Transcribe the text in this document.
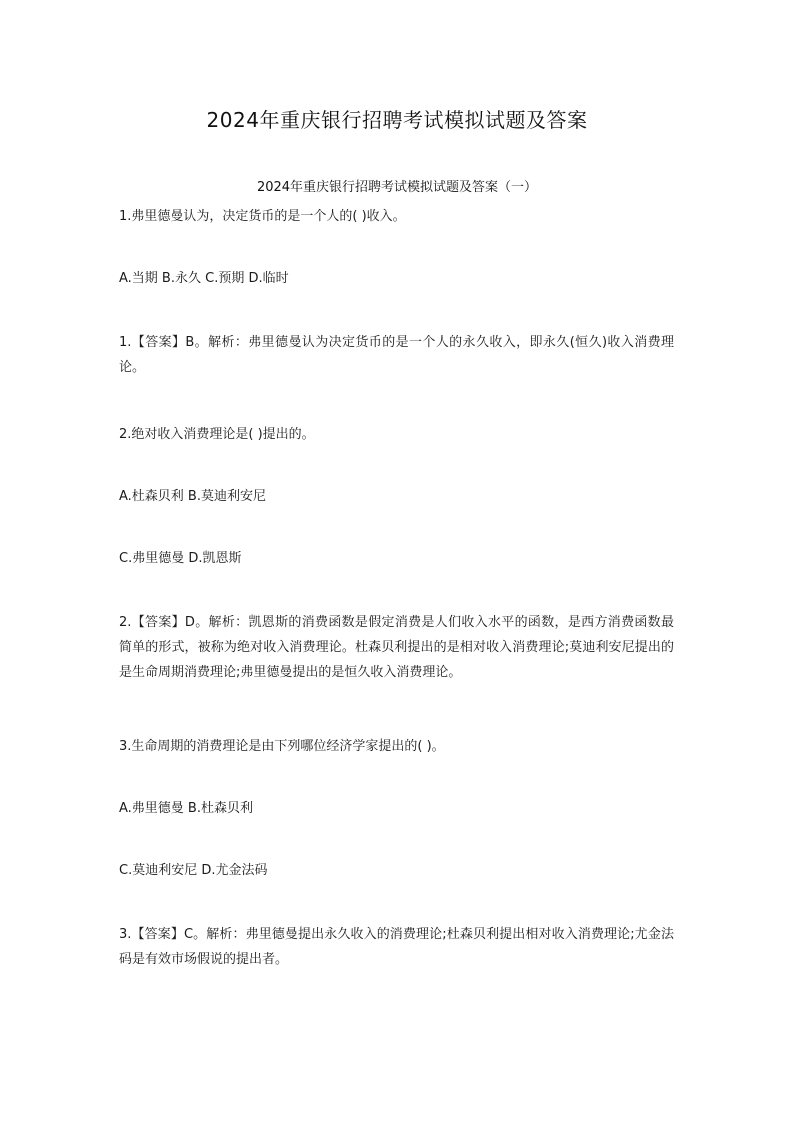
2024年重庆银行招聘考试模拟试题及答案
2024年重庆银行招聘考试模拟试题及答案（一）
1.弗里德曼认为，决定货币的是一个人的( )收入。
A.当期 B.永久 C.预期 D.临时
1.【答案】B。解析：弗里德曼认为决定货币的是一个人的永久收入，即永久(恒久)收入消费理论。
2.绝对收入消费理论是( )提出的。
A.杜森贝利 B.莫迪利安尼
C.弗里德曼 D.凯恩斯
2.【答案】D。解析：凯恩斯的消费函数是假定消费是人们收入水平的函数，是西方消费函数最简单的形式，被称为绝对收入消费理论。杜森贝利提出的是相对收入消费理论;莫迪利安尼提出的是生命周期消费理论;弗里德曼提出的是恒久收入消费理论。
3.生命周期的消费理论是由下列哪位经济学家提出的( )。
A.弗里德曼 B.杜森贝利
C.莫迪利安尼 D.尤金法码
3.【答案】C。解析：弗里德曼提出永久收入的消费理论;杜森贝利提出相对收入消费理论;尤金法码是有效市场假说的提出者。
